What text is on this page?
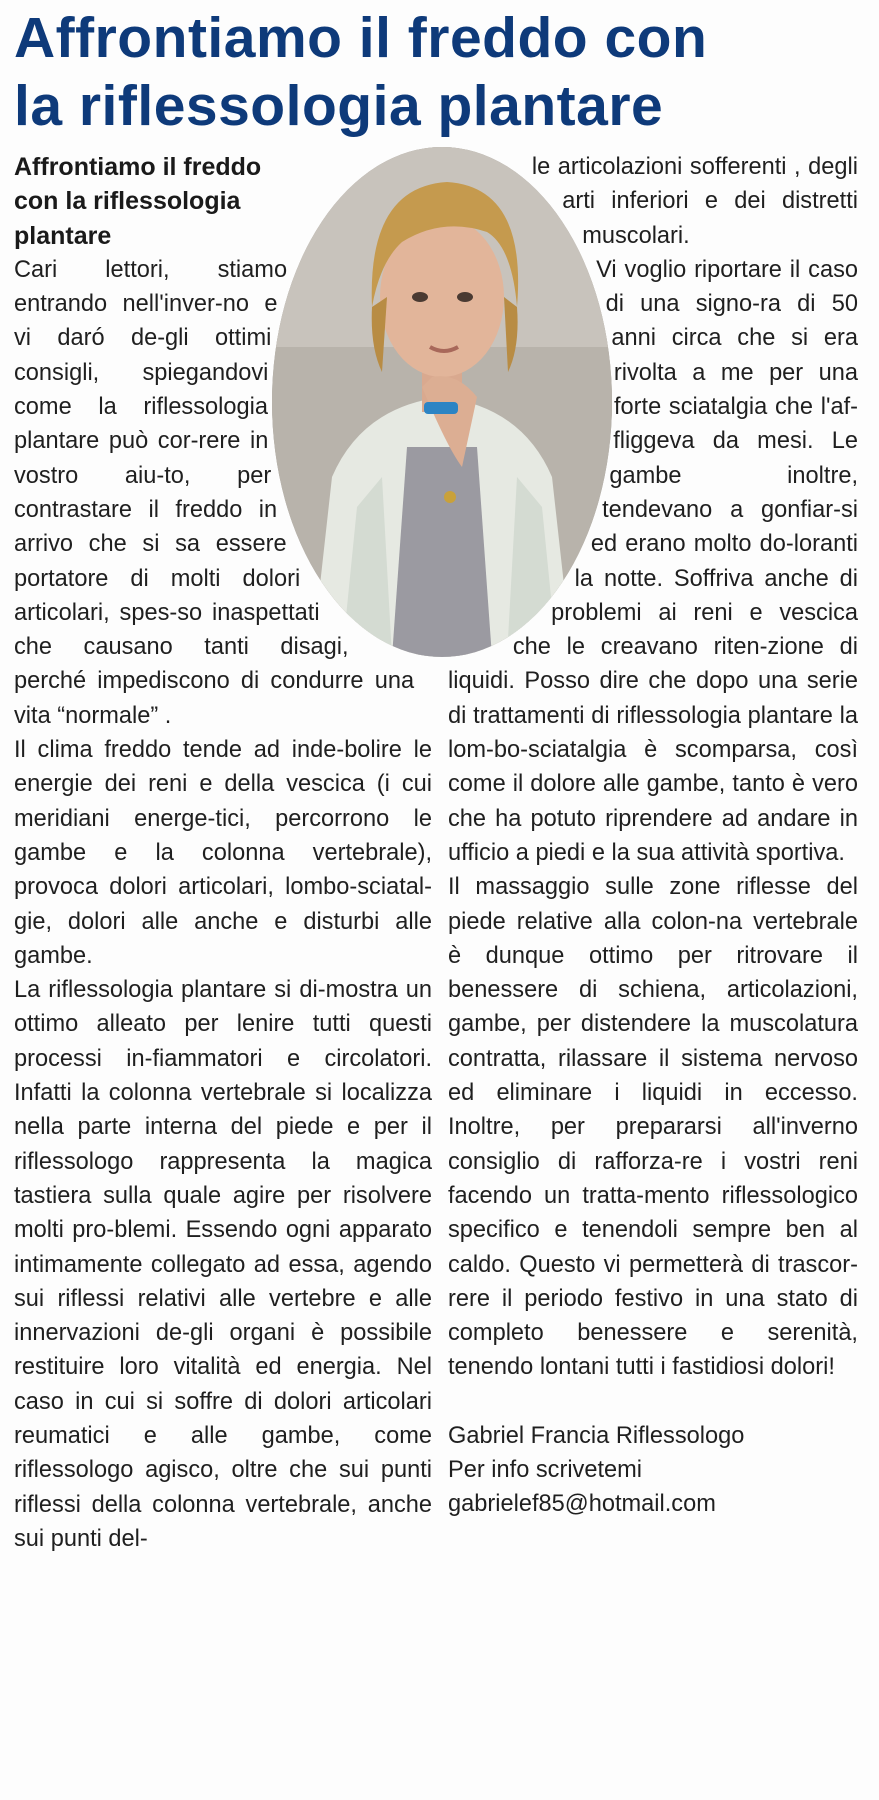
Affrontiamo il freddo con
la riflessologia plantare

Affrontiamo il freddo
con la riflessologia
plantare

Cari lettori, stiamo entrando nell'inver-no e vi daró de-gli ottimi consigli, spiegandovi come la riflessologia plantare può cor-rere in vostro aiu-to, per contrastare il freddo in arrivo che si sa essere portatore di molti dolori articolari, spes-so inaspettati che causano tanti disagi, perché impediscono di condurre una vita “normale” .

Il clima freddo tende ad inde-bolire le energie dei reni e della vescica (i cui meridiani energe-tici, percorrono le gambe e la colonna vertebrale), provoca dolori articolari, lombo-sciatal-gie, dolori alle anche e disturbi alle gambe.

La riflessologia plantare si di-mostra un ottimo alleato per lenire tutti questi processi in-fiammatori e circolatori. Infatti la colonna vertebrale si localizza nella parte interna del piede e per il riflessologo rappresenta la magica tastiera sulla quale agire per risolvere molti pro-blemi. Essendo ogni apparato intimamente collegato ad essa, agendo sui riflessi relativi alle vertebre e alle innervazioni de-gli organi è possibile restituire loro vitalità ed energia. Nel caso in cui si soffre di dolori articolari reumatici e alle gambe, come riflessologo agisco, oltre che sui punti riflessi della colonna vertebrale, anche sui punti del-

le articolazioni sofferenti , degli arti inferiori e dei distretti muscolari.

Vi voglio riportare il caso di una signo-ra di 50 anni circa che si era rivolta a me per una forte sciatalgia che l'af-fliggeva da mesi. Le gambe inoltre, tendevano a gonfiar-si ed erano molto do-loranti la notte. Soffriva anche di problemi ai reni e vescica che le creavano riten-zione di liquidi. Posso dire che dopo una serie di trattamenti di riflessologia plantare la lom-bo-sciatalgia è scomparsa, così come il dolore alle gambe, tanto è vero che ha potuto riprendere ad andare in ufficio a piedi e la sua attività sportiva.

Il massaggio sulle zone riflesse del piede relative alla colon-na vertebrale è dunque ottimo per ritrovare il benessere di schiena, articolazioni, gambe, per distendere la muscolatura contratta, rilassare il sistema nervoso ed eliminare i liquidi in eccesso. Inoltre, per prepararsi all'inverno consiglio di rafforza-re i vostri reni facendo un tratta-mento riflessologico specifico e tenendoli sempre ben al caldo. Questo vi permetterà di trascor-rere il periodo festivo in una stato di completo benessere e serenità, tenendo lontani tutti i fastidiosi dolori!

Gabriel Francia Riflessologo

Per info scrivetemi

gabrielef85@hotmail.com
